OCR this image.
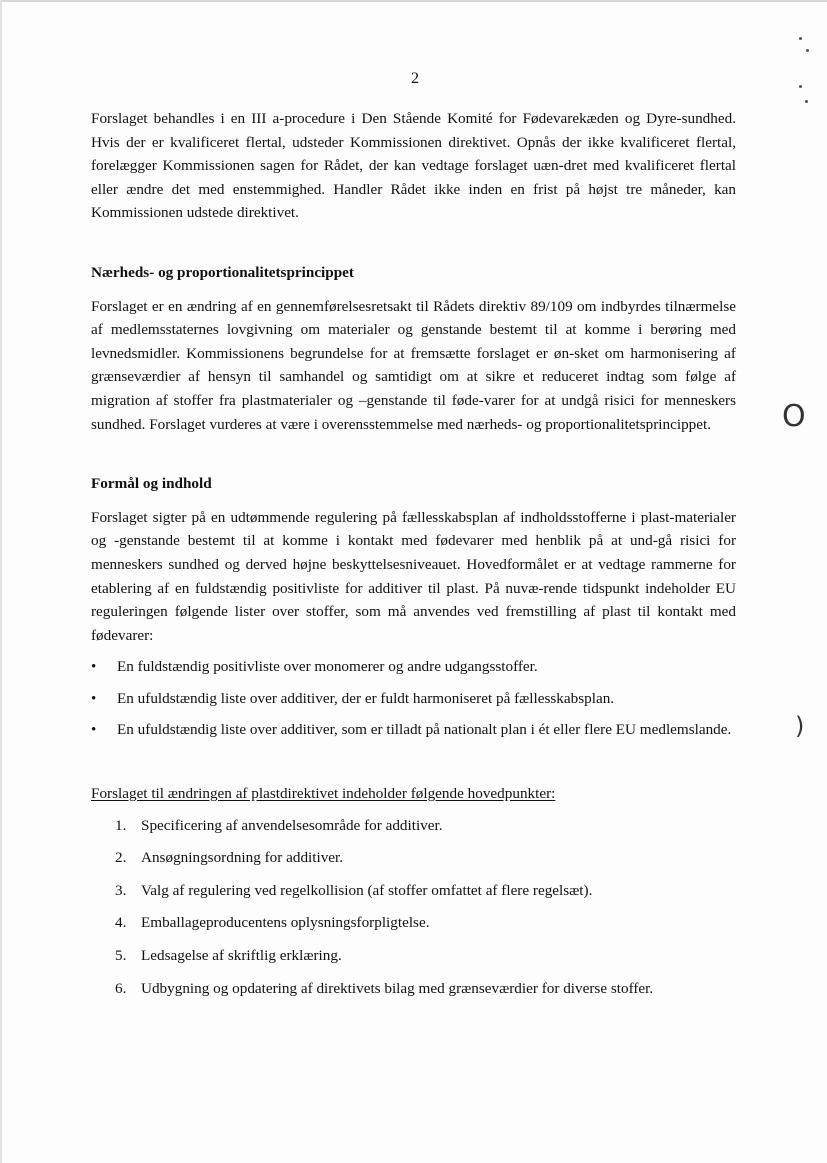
2

Forslaget behandles i en III a-procedure i Den Stående Komité for Fødevarekæden og Dyre-sundhed. Hvis der er kvalificeret flertal, udsteder Kommissionen direktivet. Opnås der ikke kvalificeret flertal, forelægger Kommissionen sagen for Rådet, der kan vedtage forslaget uæn-dret med kvalificeret flertal eller ændre det med enstemmighed. Handler Rådet ikke inden en frist på højst tre måneder, kan Kommissionen udstede direktivet.

Nærheds- og proportionalitetsprincippet

Forslaget er en ændring af en gennemførelsesretsakt til Rådets direktiv 89/109 om indbyrdes tilnærmelse af medlemsstaternes lovgivning om materialer og genstande bestemt til at komme i berøring med levnedsmidler. Kommissionens begrundelse for at fremsætte forslaget er øn-sket om harmonisering af grænseværdier af hensyn til samhandel og samtidigt om at sikre et reduceret indtag som følge af migration af stoffer fra plastmaterialer og –genstande til føde-varer for at undgå risici for menneskers sundhed. Forslaget vurderes at være i overensstemmelse med nærheds- og proportionalitetsprincippet.

Formål og indhold

Forslaget sigter på en udtømmende regulering på fællesskabsplan af indholdsstofferne i plast-materialer og -genstande bestemt til at komme i kontakt med fødevarer med henblik på at und-gå risici for menneskers sundhed og derved højne beskyttelsesniveauet. Hovedformålet er at vedtage rammerne for etablering af en fuldstændig positivliste for additiver til plast. På nuvæ-rende tidspunkt indeholder EU reguleringen følgende lister over stoffer, som må anvendes ved fremstilling af plast til kontakt med fødevarer:

•	En fuldstændig positivliste over monomerer og andre udgangsstoffer.
•	En ufuldstændig liste over additiver, der er fuldt harmoniseret på fællesskabsplan.
•	En ufuldstændig liste over additiver, som er tilladt på nationalt plan i ét eller flere EU medlemslande.

Forslaget til ændringen af plastdirektivet indeholder følgende hovedpunkter:

1. Specificering af anvendelsesområde for additiver.
2. Ansøgningsordning for additiver.
3. Valg af regulering ved regelkollision (af stoffer omfattet af flere regelsæt).
4. Emballageproducentens oplysningsforpligtelse.
5. Ledsagelse af skriftlig erklæring.
6. Udbygning og opdatering af direktivets bilag med grænseværdier for diverse stoffer.
O
)
